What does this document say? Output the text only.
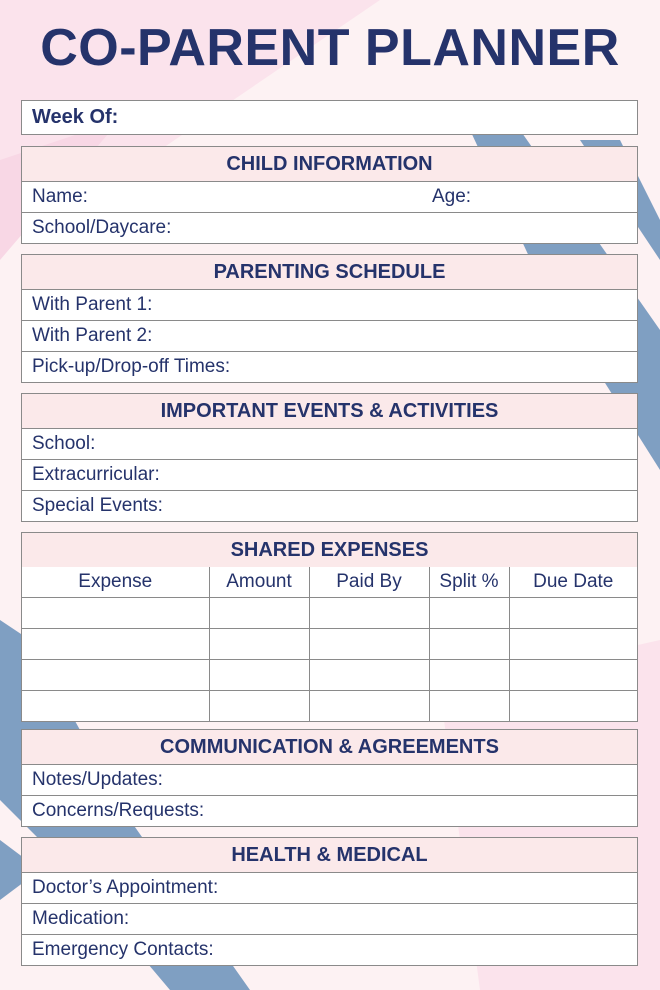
CO-PARENT PLANNER
Week Of:
CHILD INFORMATION
Name:	Age:
School/Daycare:
PARENTING SCHEDULE
With Parent 1:
With Parent 2:
Pick-up/Drop-off Times:
IMPORTANT EVENTS & ACTIVITIES
School:
Extracurricular:
Special Events:
SHARED EXPENSES
Expense	Amount	Paid By	Split %	Due Date

COMMUNICATION & AGREEMENTS
Notes/Updates:
Concerns/Requests:
HEALTH & MEDICAL
Doctor’s Appointment:
Medication:
Emergency Contacts:
